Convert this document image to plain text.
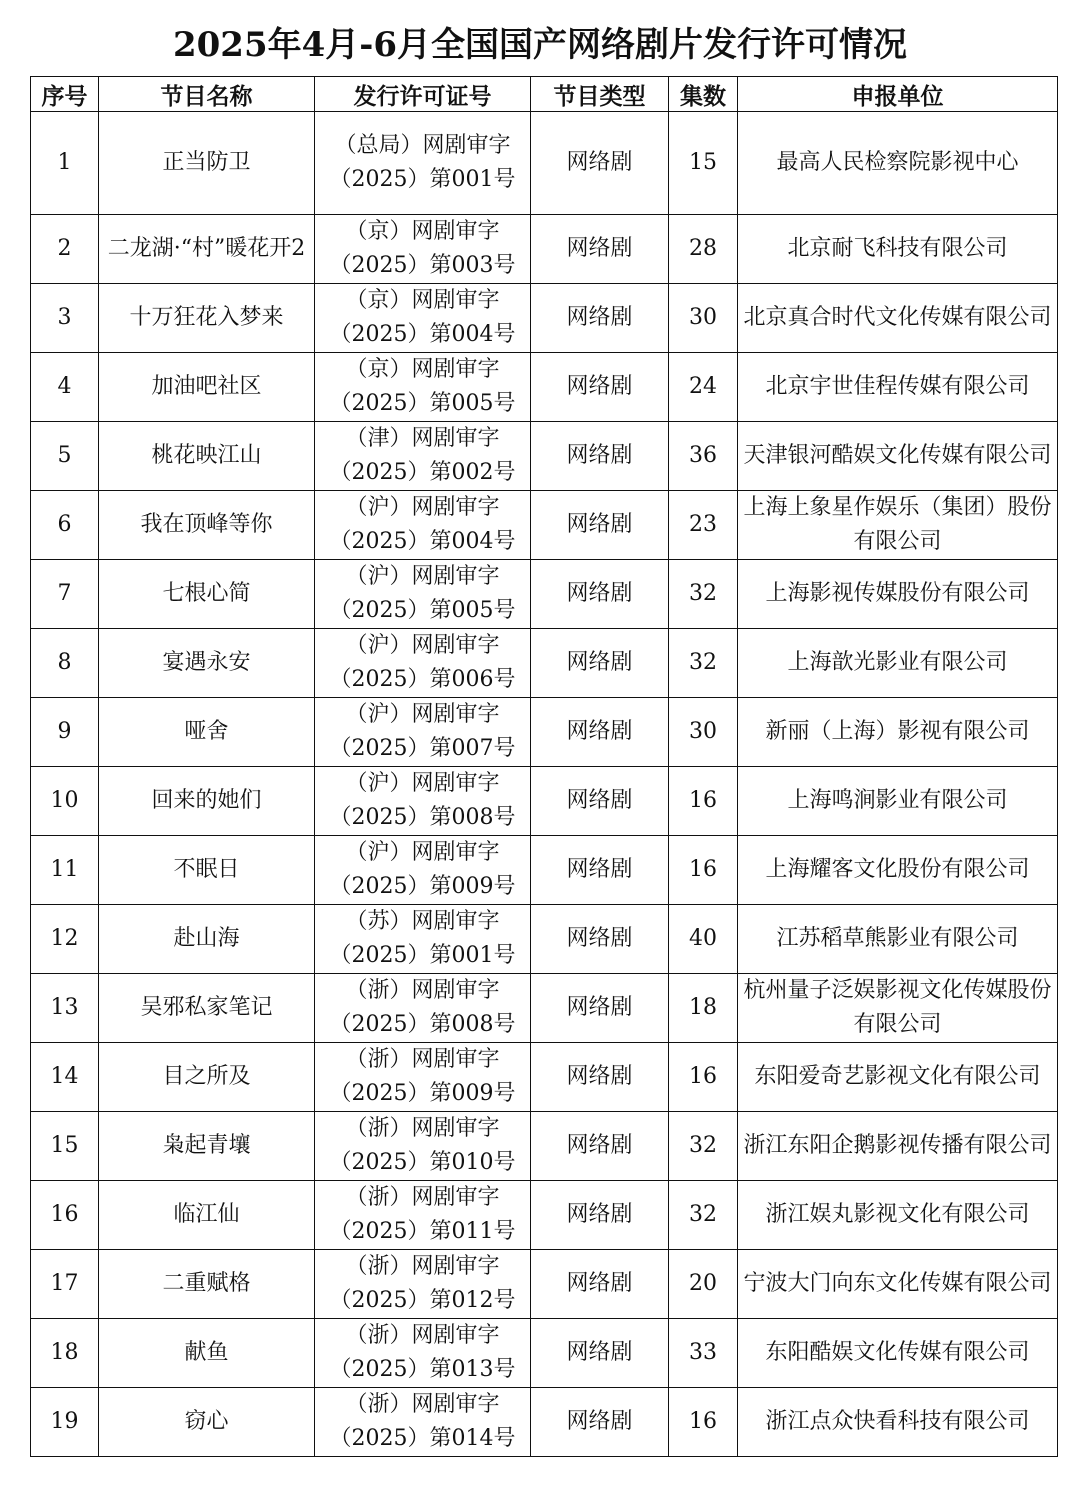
2025年4月-6月全国国产网络剧片发行许可情况
序号	节目名称	发行许可证号	节目类型	集数	申报单位
1	正当防卫	（总局）网剧审字
（2025）第001号	网络剧	15	最高人民检察院影视中心
2	二龙湖·“村”暖花开2	（京）网剧审字
（2025）第003号	网络剧	28	北京耐飞科技有限公司
3	十万狂花入梦来	（京）网剧审字
（2025）第004号	网络剧	30	北京真合时代文化传媒有限公司
4	加油吧社区	（京）网剧审字
（2025）第005号	网络剧	24	北京宇世佳程传媒有限公司
5	桃花映江山	（津）网剧审字
（2025）第002号	网络剧	36	天津银河酷娱文化传媒有限公司
6	我在顶峰等你	（沪）网剧审字
（2025）第004号	网络剧	23	上海上象星作娱乐（集团）股份有限公司
7	七根心简	（沪）网剧审字
（2025）第005号	网络剧	32	上海影视传媒股份有限公司
8	宴遇永安	（沪）网剧审字
（2025）第006号	网络剧	32	上海歆光影业有限公司
9	哑舍	（沪）网剧审字
（2025）第007号	网络剧	30	新丽（上海）影视有限公司
10	回来的她们	（沪）网剧审字
（2025）第008号	网络剧	16	上海鸣涧影业有限公司
11	不眠日	（沪）网剧审字
（2025）第009号	网络剧	16	上海耀客文化股份有限公司
12	赴山海	（苏）网剧审字
（2025）第001号	网络剧	40	江苏稻草熊影业有限公司
13	吴邪私家笔记	（浙）网剧审字
（2025）第008号	网络剧	18	杭州量子泛娱影视文化传媒股份有限公司
14	目之所及	（浙）网剧审字
（2025）第009号	网络剧	16	东阳爱奇艺影视文化有限公司
15	枭起青壤	（浙）网剧审字
（2025）第010号	网络剧	32	浙江东阳企鹅影视传播有限公司
16	临江仙	（浙）网剧审字
（2025）第011号	网络剧	32	浙江娱丸影视文化有限公司
17	二重赋格	（浙）网剧审字
（2025）第012号	网络剧	20	宁波大门向东文化传媒有限公司
18	献鱼	（浙）网剧审字
（2025）第013号	网络剧	33	东阳酷娱文化传媒有限公司
19	窃心	（浙）网剧审字
（2025）第014号	网络剧	16	浙江点众快看科技有限公司
